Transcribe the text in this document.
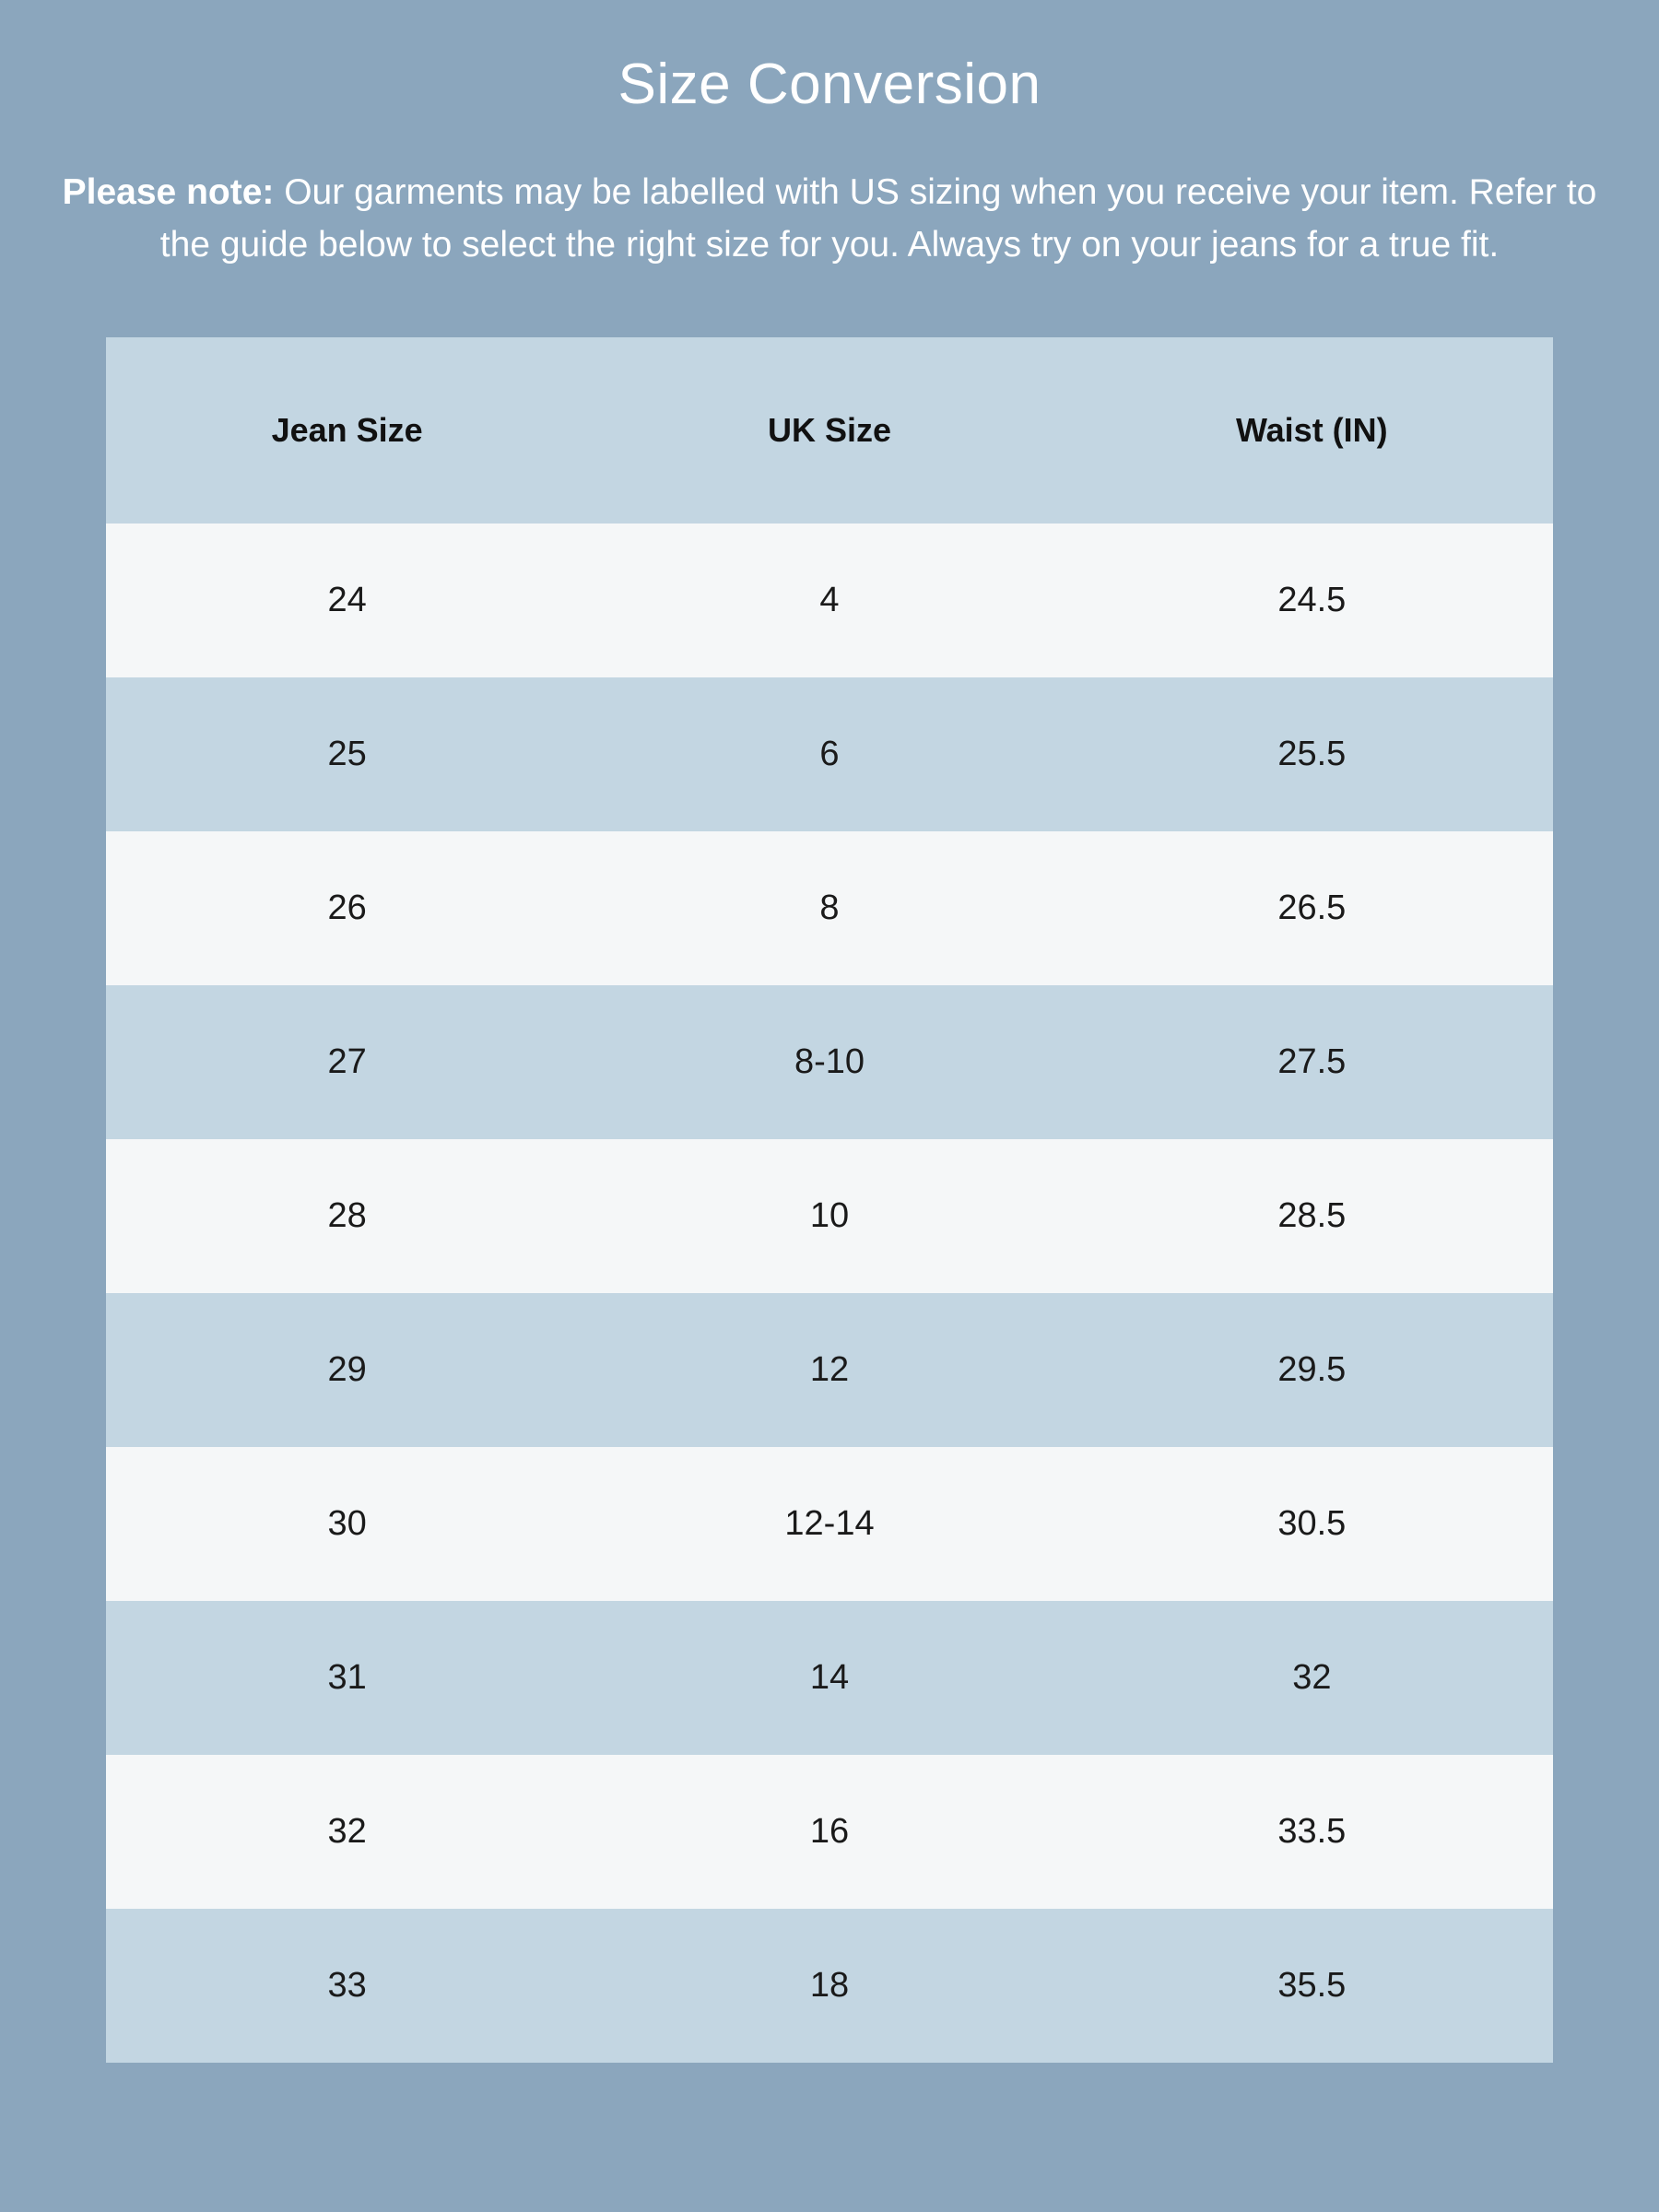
Size Conversion
Please note: Our garments may be labelled with US sizing when you receive your item. Refer to the guide below to select the right size for you. Always try on your jeans for a true fit.
Jean Size	UK Size	Waist (IN)
24	4	24.5
25	6	25.5
26	8	26.5
27	8-10	27.5
28	10	28.5
29	12	29.5
30	12-14	30.5
31	14	32
32	16	33.5
33	18	35.5
